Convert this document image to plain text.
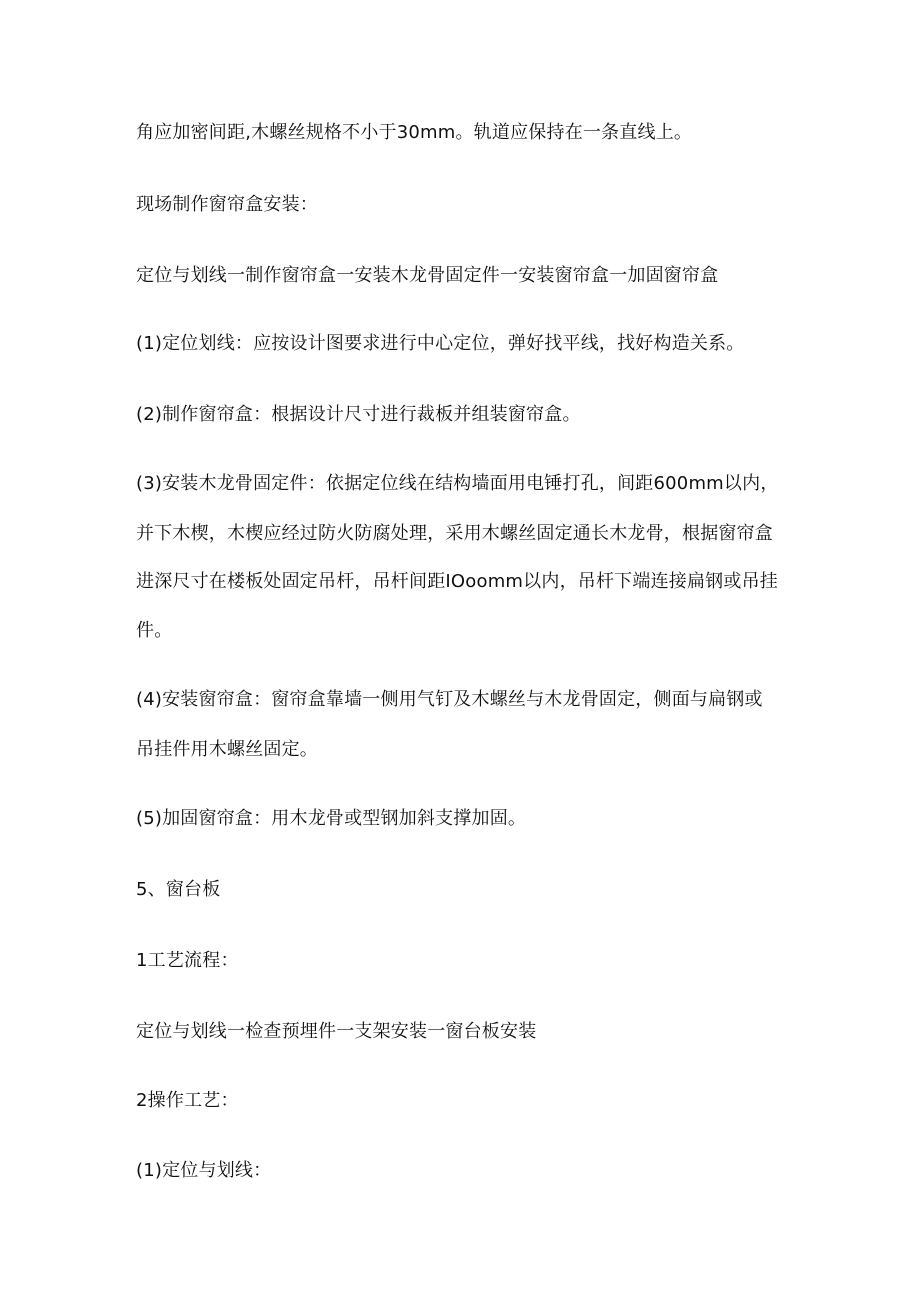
角应加密间距,木螺丝规格不小于30mm。轨道应保持在一条直线上。
现场制作窗帘盒安装：
定位与划线一制作窗帘盒一安装木龙骨固定件一安装窗帘盒一加固窗帘盒
(1)定位划线：应按设计图要求进行中心定位，弹好找平线，找好构造关系。
(2)制作窗帘盒：根据设计尺寸进行裁板并组装窗帘盒。
(3)安装木龙骨固定件：依据定位线在结构墙面用电锤打孔，间距600mm以内，
并下木楔，木楔应经过防火防腐处理，采用木螺丝固定通长木龙骨，根据窗帘盒
进深尺寸在楼板处固定吊杆，吊杆间距IOoomm以内，吊杆下端连接扁钢或吊挂
件。
(4)安装窗帘盒：窗帘盒靠墙一侧用气钉及木螺丝与木龙骨固定，侧面与扁钢或
吊挂件用木螺丝固定。
(5)加固窗帘盒：用木龙骨或型钢加斜支撑加固。
5、窗台板
1工艺流程：
定位与划线一检查预埋件一支架安装一窗台板安装
2操作工艺：
(1)定位与划线：
